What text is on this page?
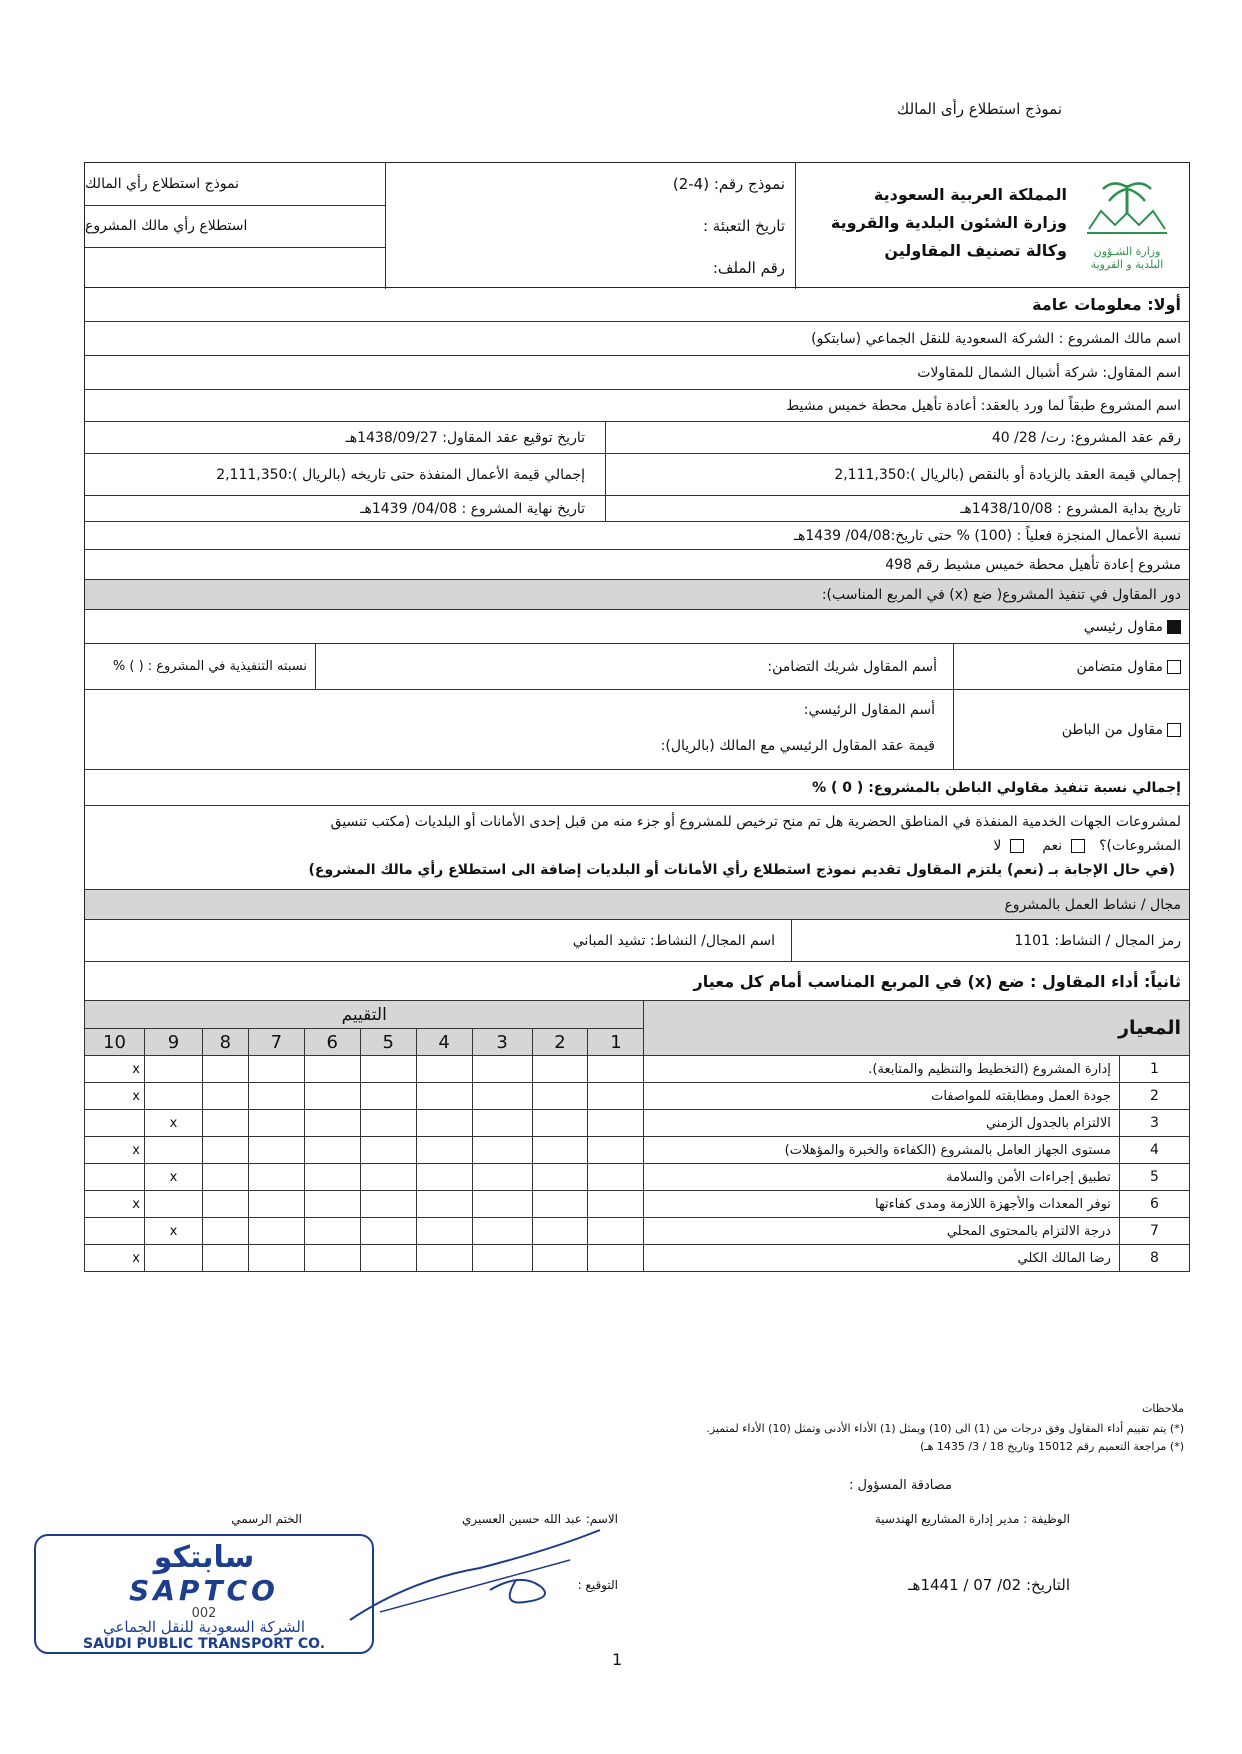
نموذج استطلاع رأى المالك
نموذج استطلاع رأي المالك
استطلاع رأي مالك المشروع
نموذج رقم: (4-2)
تاريخ التعبئة :
رقم الملف:
المملكة العربية السعودية
وزارة الشئون البلدية والقروية
وكالة تصنيف المقاولين	وزارة الشـؤون
البلدية و القروية
أولا: معلومات عامة
اسم مالك المشروع : الشركة السعودية للنقل الجماعي (سابتكو)
اسم المقاول: شركة أشبال الشمال للمقاولات
اسم المشروع طبقاً لما ورد بالعقد: أعادة تأهيل محطة خميس مشيط
رقم عقد المشروع: رت/ 28/ 40
تاريخ توقيع عقد المقاول: 1438/09/27هـ
إجمالي قيمة العقد بالزيادة أو بالنقص (بالريال ):2,111,350
إجمالي قيمة الأعمال المنفذة حتى تاريخه (بالريال ):2,111,350
تاريخ بداية المشروع : 1438/10/08هـ
تاريخ نهاية المشروع : 04/08/ 1439هـ
نسبة الأعمال المنجزة فعلياً : (100) % حتى تاريخ:04/08/ 1439هـ
مشروع إعادة تأهيل محطة خميس مشيط رقم 498
دور المقاول في تنفيذ المشروع( ضع (x) في المربع المناسب):
مقاول رئيسي
مقاول متضامن
أسم المقاول شريك التضامن:
نسبته التنفيذية في المشروع : ( ) %
مقاول من الباطن
أسم المقاول الرئيسي:
قيمة عقد المقاول الرئيسي مع المالك (بالريال):
إجمالي نسبة تنفيذ مقاولي الباطن بالمشروع: ( 0 ) %
لمشروعات الجهات الخدمية المنفذة في المناطق الحضرية هل تم منح ترخيص للمشروع أو جزء منه من قبل إحدى الأمانات أو البلديات (مكتب تنسيق
المشروعات)؟  نعم  لا
(في حال الإجابة بـ (نعم) يلتزم المقاول تقديم نموذج استطلاع رأي الأمانات أو البلديات إضافة الى استطلاع رأي مالك المشروع)
مجال / نشاط العمل بالمشروع
رمز المجال / النشاط: 1101
اسم المجال/ النشاط: تشيد المباني
ثانياً: أداء المقاول : ضع (x) في المربع المناسب أمام كل معيار
التقييم										المعيار	
10	9	8	7	6	5	4	3	2	1		
x										إدارة المشروع (التخطيط والتنظيم والمتابعة).	1
x										جودة العمل ومطابقته للمواصفات	2
	x									الالتزام بالجدول الزمني	3
x										مستوى الجهاز العامل بالمشروع (الكفاءة والخبرة والمؤهلات)	4
	x									تطبيق إجراءات الأمن والسلامة	5
x										توفر المعدات والأجهزة اللازمة ومدى كفاءتها	6
	x									درجة الالتزام بالمحتوى المحلي	7
x										رضا المالك الكلي	8
ملاحظات
(*) يتم تقييم أداء المقاول وفق درجات من (1) الى (10) ويمثل (1) الأداء الأدنى وتمثل (10) الأداء لمتميز.
(*) مراجعة التعميم رقم 15012 وتاريخ 18 / 3/ 1435 هـ)
مصادقة المسؤول :
الوظيفة : مدير إدارة المشاريع الهندسية
الاسم: عبد الله حسين العسيري
الختم الرسمي
التوقيع :	التاريخ: 02/ 07 / 1441هـ
سابتكو
SAPTCO
002
الشركة السعودية للنقل الجماعي
SAUDI PUBLIC TRANSPORT CO.
1
